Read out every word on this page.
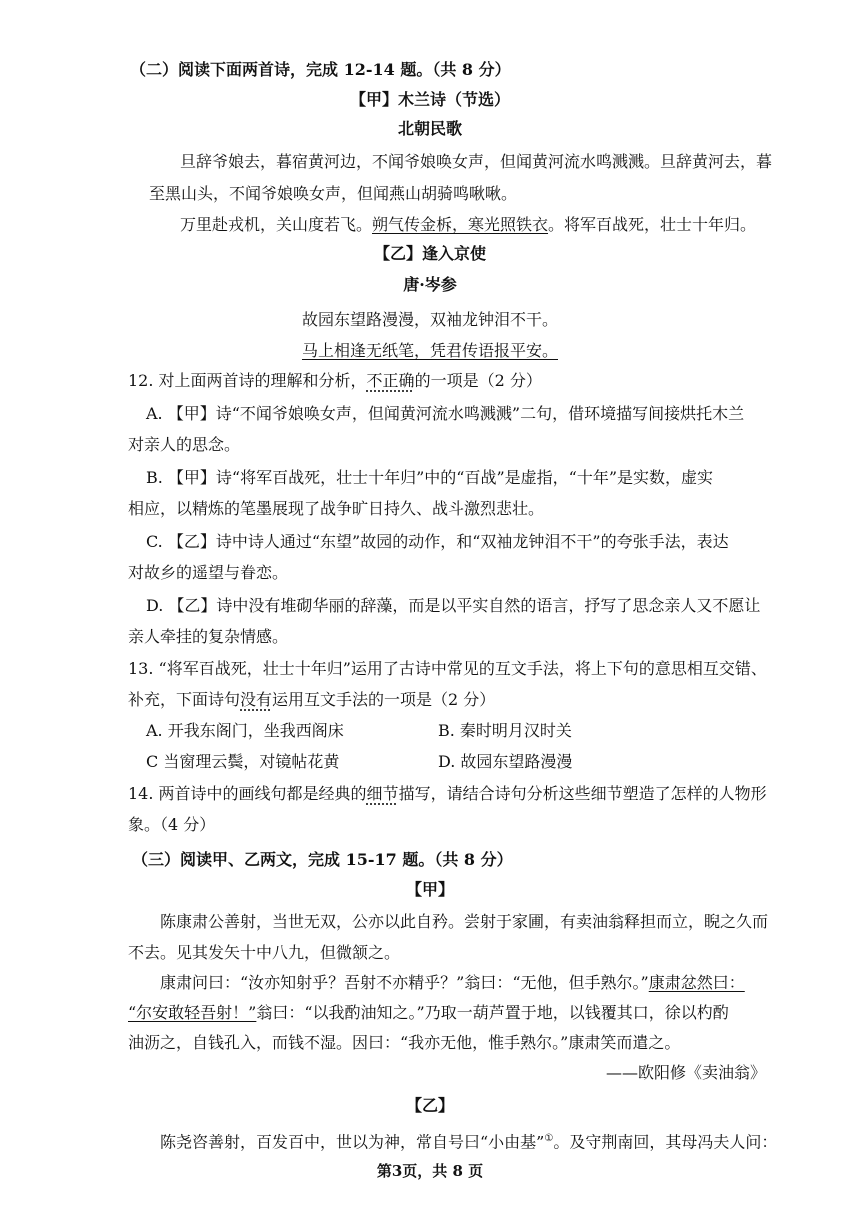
（二）阅读下面两首诗，完成 12-14 题。（共 8 分）
【甲】木兰诗（节选）
北朝民歌
旦辞爷娘去，暮宿黄河边，不闻爷娘唤女声，但闻黄河流水鸣溅溅。旦辞黄河去，暮
至黑山头，不闻爷娘唤女声，但闻燕山胡骑鸣啾啾。
万里赴戎机，关山度若飞。朔气传金柝，寒光照铁衣。将军百战死，壮士十年归。
【乙】逢入京使
唐·岑参
故园东望路漫漫，双袖龙钟泪不干。
马上相逢无纸笔，凭君传语报平安。
12. 对上面两首诗的理解和分析，不正确的一项是（2 分）
A. 【甲】诗“不闻爷娘唤女声，但闻黄河流水鸣溅溅”二句，借环境描写间接烘托木兰
对亲人的思念。
B. 【甲】诗“将军百战死，壮士十年归”中的“百战”是虚指，“十年”是实数，虚实
相应，以精炼的笔墨展现了战争旷日持久、战斗激烈悲壮。
C. 【乙】诗中诗人通过“东望”故园的动作，和“双袖龙钟泪不干”的夸张手法，表达
对故乡的遥望与眷恋。
D. 【乙】诗中没有堆砌华丽的辞藻，而是以平实自然的语言，抒写了思念亲人又不愿让
亲人牵挂的复杂情感。
13. “将军百战死，壮士十年归”运用了古诗中常见的互文手法，将上下句的意思相互交错、
补充，下面诗句没有运用互文手法的一项是（2 分）
A. 开我东阁门，坐我西阁床	B. 秦时明月汉时关
C 当窗理云鬓，对镜帖花黄	D. 故园东望路漫漫
14. 两首诗中的画线句都是经典的细节描写，请结合诗句分析这些细节塑造了怎样的人物形
象。（4 分）
（三）阅读甲、乙两文，完成 15-17 题。（共 8 分）
【甲】
陈康肃公善射，当世无双，公亦以此自矜。尝射于家圃，有卖油翁释担而立，睨之久而
不去。见其发矢十中八九，但微颔之。
康肃问曰：“汝亦知射乎？吾射不亦精乎？”翁曰：“无他，但手熟尔。”康肃忿然曰：
“尔安敢轻吾射！”翁曰：“以我酌油知之。”乃取一葫芦置于地，以钱覆其口，徐以杓酌
油沥之，自钱孔入，而钱不湿。因曰：“我亦无他，惟手熟尔。”康肃笑而遣之。
——欧阳修《卖油翁》
【乙】
陈尧咨善射，百发百中，世以为神，常自号曰“小由基”①。及守荆南回，其母冯夫人问：
第3页，共 8 页
